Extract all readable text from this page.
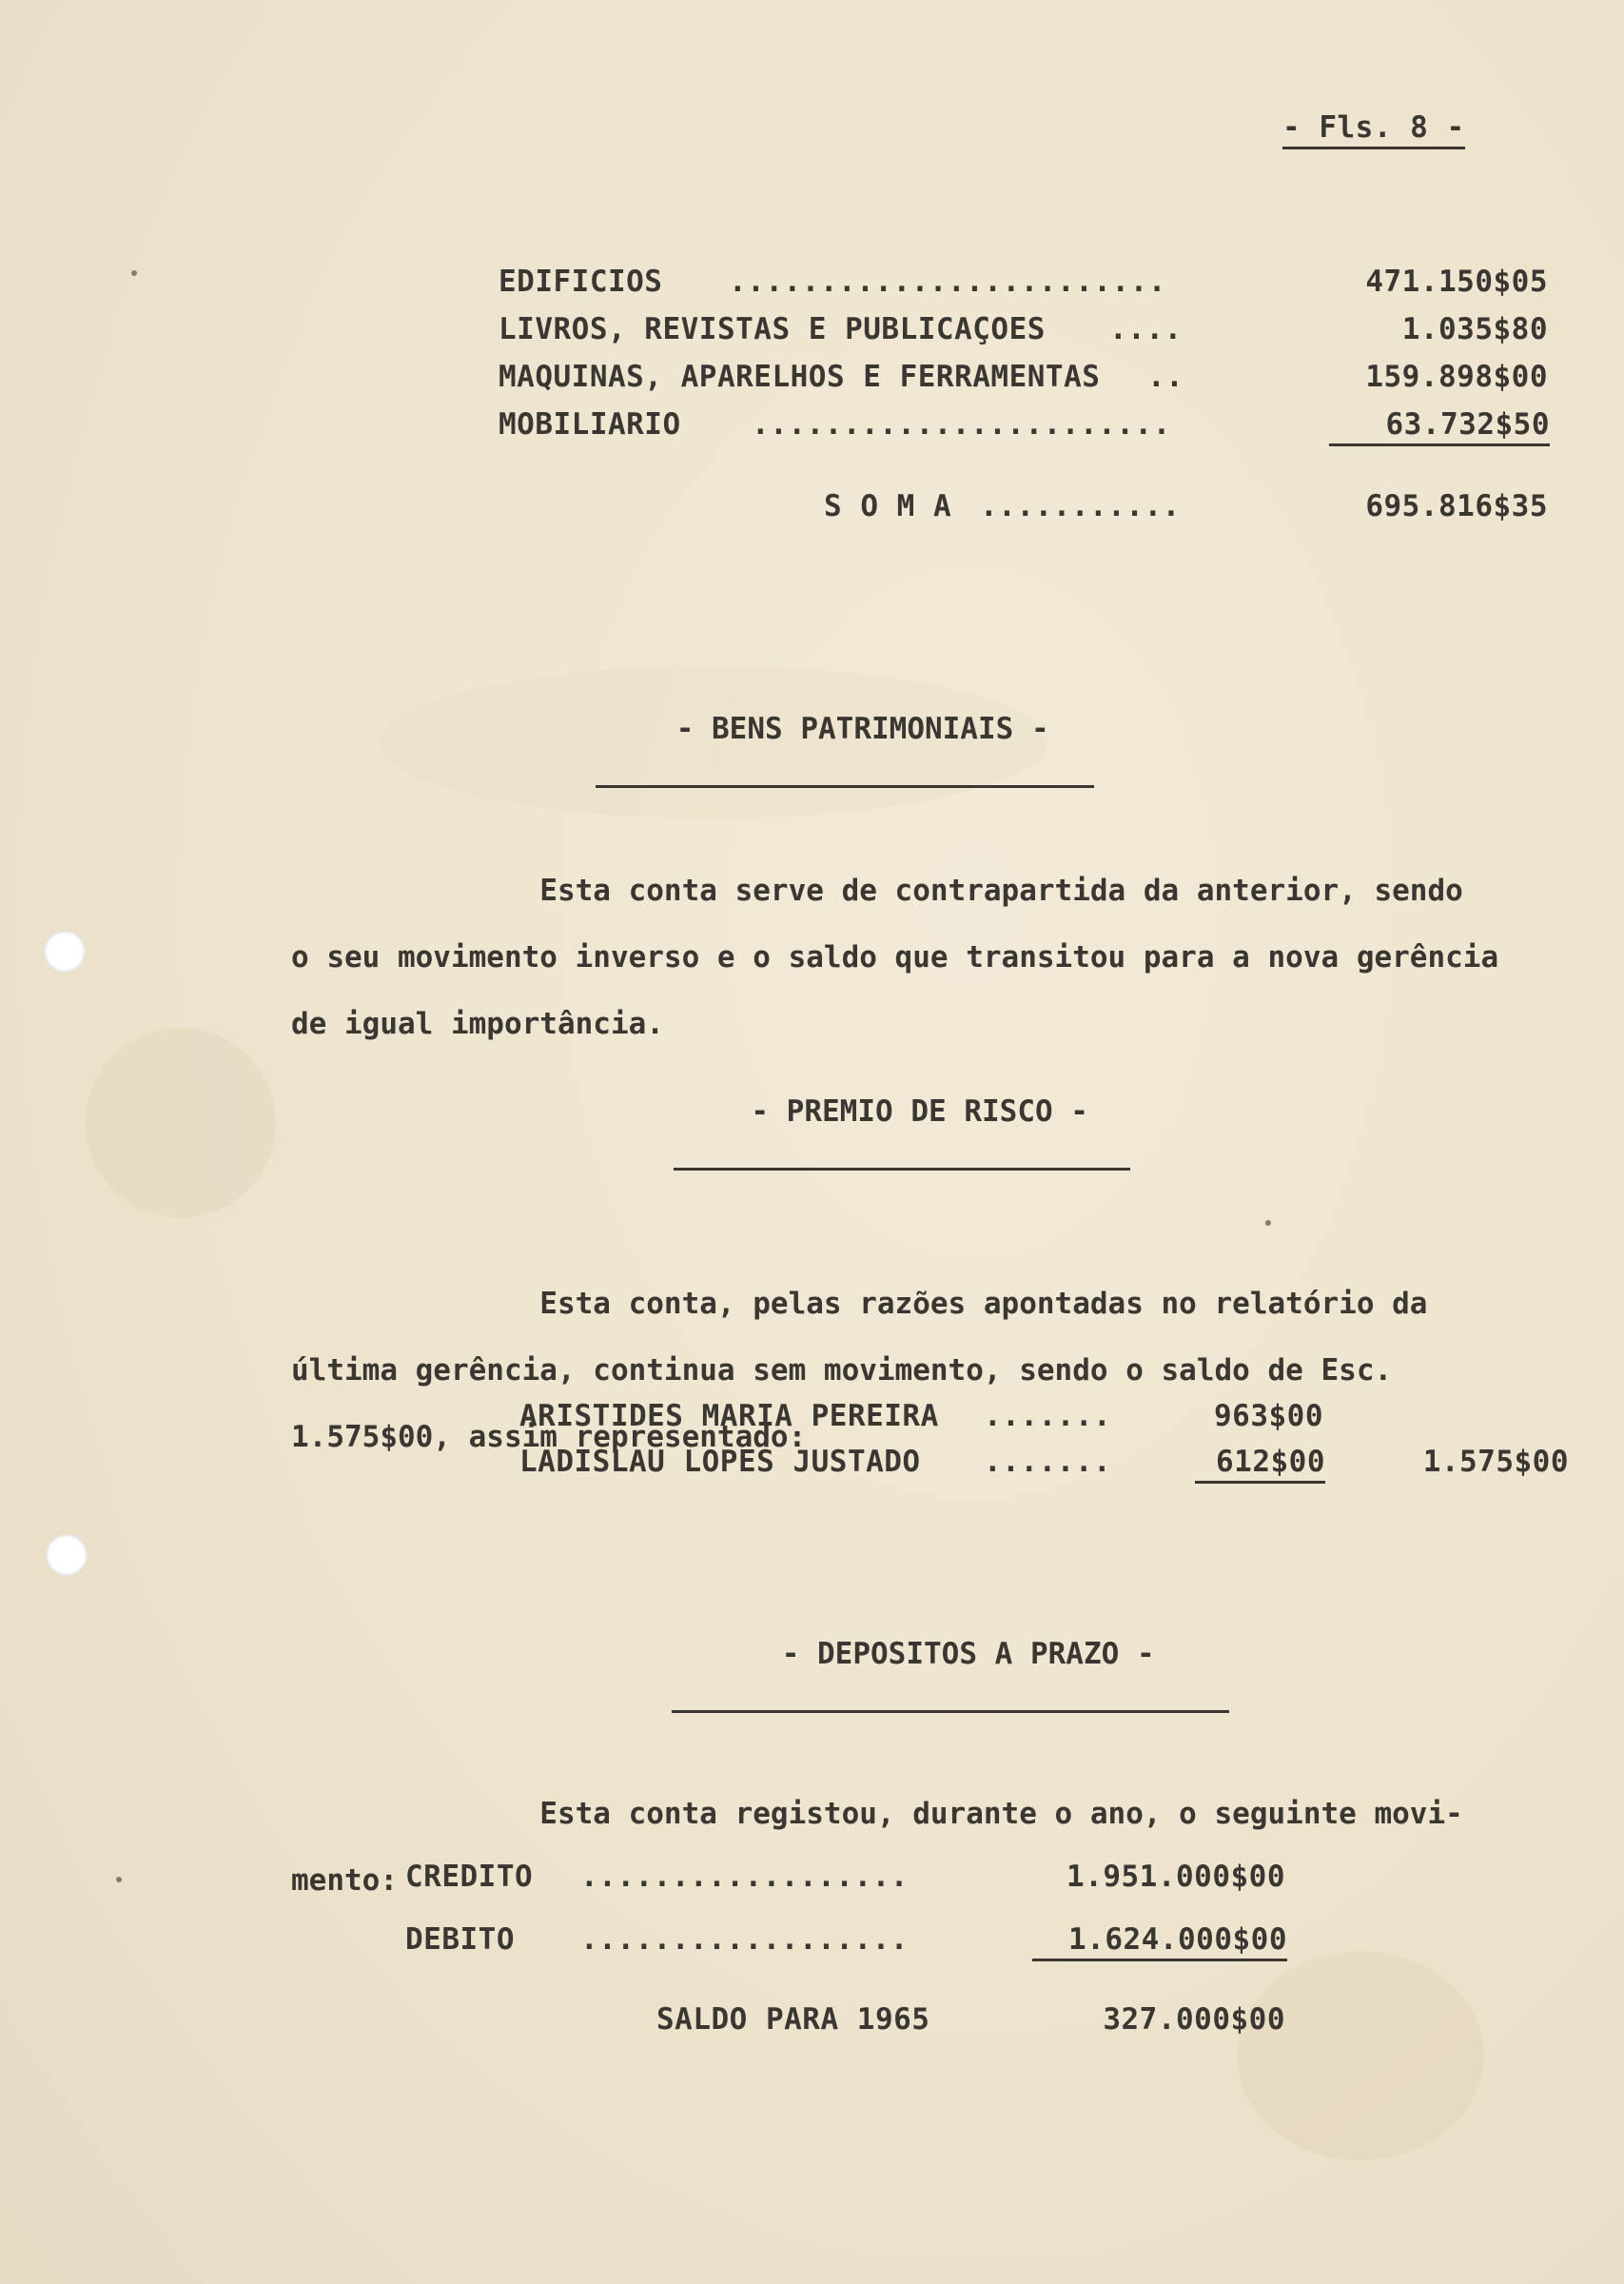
- Fls. 8 -
EDIFICIOS ........................	471.150$05
LIVROS, REVISTAS E PUBLICAÇOES ....	1.035$80
MAQUINAS, APARELHOS E FERRAMENTAS ..	159.898$00
MOBILIARIO .......................	63.732$50
S O M A ...........	695.816$35

- BENS PATRIMONIAIS -

Esta conta serve de contrapartida da anterior, sendo

o seu movimento inverso e o saldo que transitou para a nova gerência

de igual importância.

- PREMIO DE RISCO -

Esta conta, pelas razões apontadas no relatório da

última gerência, continua sem movimento, sendo o saldo de Esc.

1.575$00, assim representado:

ARISTIDES MARIA PEREIRA .......	963$00
LADISLAU LOPES JUSTADO .......	612$00	1.575$00

- DEPOSITOS A PRAZO -

Esta conta registou, durante o ano, o seguinte movi-

mento: CREDITO ..................	1.951.000$00
DEBITO ..................	1.624.000$00
SALDO PARA 1965	327.000$00
